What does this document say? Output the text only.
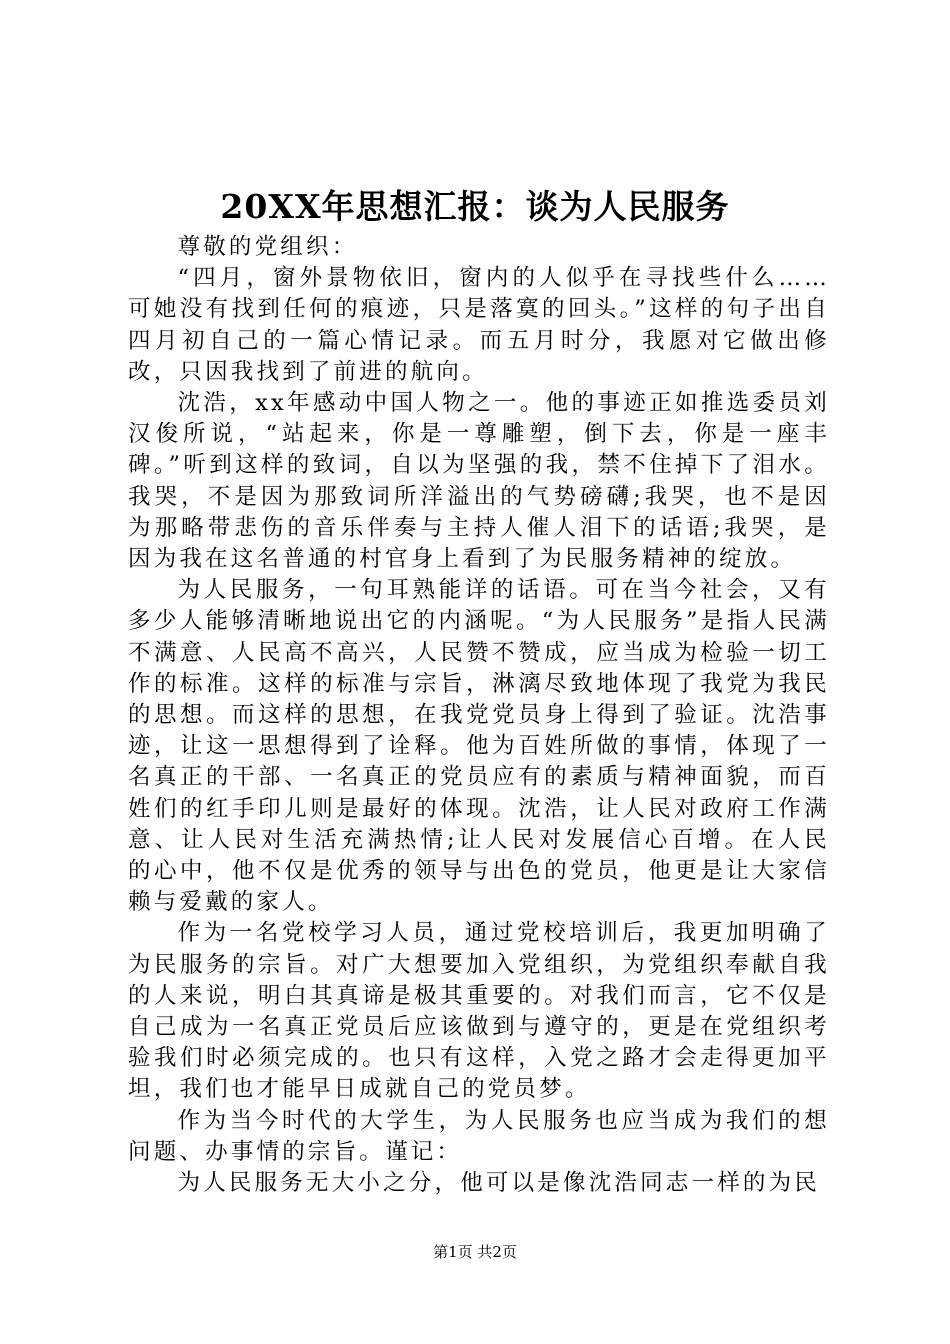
20XX年思想汇报：谈为人民服务

尊敬的党组织：

“四月，窗外景物依旧，窗内的人似乎在寻找些什么……可她没有找到任何的痕迹，只是落寞的回头。”这样的句子出自四月初自己的一篇心情记录。而五月时分，我愿对它做出修改，只因我找到了前进的航向。

沈浩，xx年感动中国人物之一。他的事迹正如推选委员刘汉俊所说，“站起来，你是一尊雕塑，倒下去，你是一座丰碑。”听到这样的致词，自以为坚强的我，禁不住掉下了泪水。我哭，不是因为那致词所洋溢出的气势磅礴;我哭，也不是因为那略带悲伤的音乐伴奏与主持人催人泪下的话语;我哭，是因为我在这名普通的村官身上看到了为民服务精神的绽放。

为人民服务，一句耳熟能详的话语。可在当今社会，又有多少人能够清晰地说出它的内涵呢。“为人民服务”是指人民满不满意、人民高不高兴，人民赞不赞成，应当成为检验一切工作的标准。这样的标准与宗旨，淋漓尽致地体现了我党为我民的思想。而这样的思想，在我党党员身上得到了验证。沈浩事迹，让这一思想得到了诠释。他为百姓所做的事情，体现了一名真正的干部、一名真正的党员应有的素质与精神面貌，而百姓们的红手印儿则是最好的体现。沈浩，让人民对政府工作满意、让人民对生活充满热情;让人民对发展信心百增。在人民的心中，他不仅是优秀的领导与出色的党员，他更是让大家信赖与爱戴的家人。

作为一名党校学习人员，通过党校培训后，我更加明确了为民服务的宗旨。对广大想要加入党组织，为党组织奉献自我的人来说，明白其真谛是极其重要的。对我们而言，它不仅是自己成为一名真正党员后应该做到与遵守的，更是在党组织考验我们时必须完成的。也只有这样，入党之路才会走得更加平坦，我们也才能早日成就自己的党员梦。

作为当今时代的大学生，为人民服务也应当成为我们的想问题、办事情的宗旨。谨记：

为人民服务无大小之分，他可以是像沈浩同志一样的为民

第1页 共2页
